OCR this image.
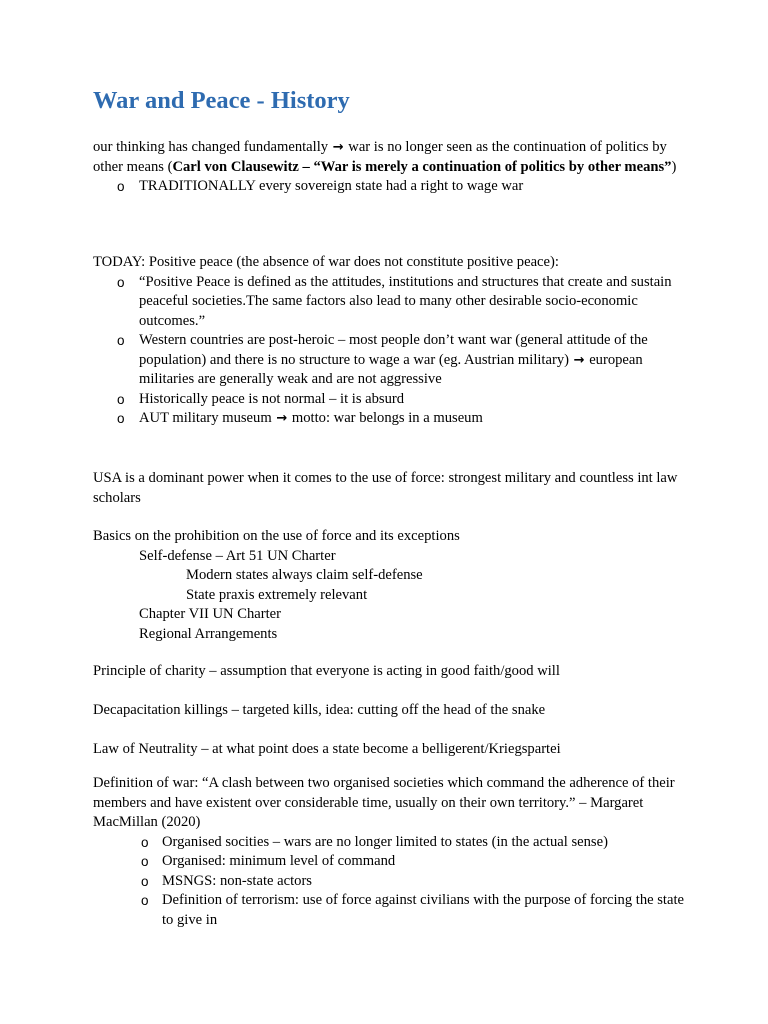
War and Peace - History

our thinking has changed fundamentally → war is no longer seen as the continuation of politics by other means (Carl von Clausewitz – “War is merely a continuation of politics by other means”)

o TRADITIONALLY every sovereign state had a right to wage war

TODAY: Positive peace (the absence of war does not constitute positive peace):

o “Positive Peace is defined as the attitudes, institutions and structures that create and sustain peaceful societies.The same factors also lead to many other desirable socio-economic outcomes.”

o Western countries are post-heroic – most people don’t want war (general attitude of the population) and there is no structure to wage a war (eg. Austrian military) → european militaries are generally weak and are not aggressive

o Historically peace is not normal – it is absurd

o AUT military museum → motto: war belongs in a museum

USA is a dominant power when it comes to the use of force: strongest military and countless int law scholars

Basics on the prohibition on the use of force and its exceptions

Self-defense – Art 51 UN Charter

Modern states always claim self-defense

State praxis extremely relevant

Chapter VII UN Charter

Regional Arrangements

Principle of charity – assumption that everyone is acting in good faith/good will

Decapacitation killings – targeted kills, idea: cutting off the head of the snake

Law of Neutrality – at what point does a state become a belligerent/Kriegspartei

Definition of war: “A clash between two organised societies which command the adherence of their members and have existent over considerable time, usually on their own territory.” – Margaret MacMillan (2020)

o Organised socities – wars are no longer limited to states (in the actual sense)

o Organised: minimum level of command

o MSNGS: non-state actors

o Definition of terrorism: use of force against civilians with the purpose of forcing the state to give in
